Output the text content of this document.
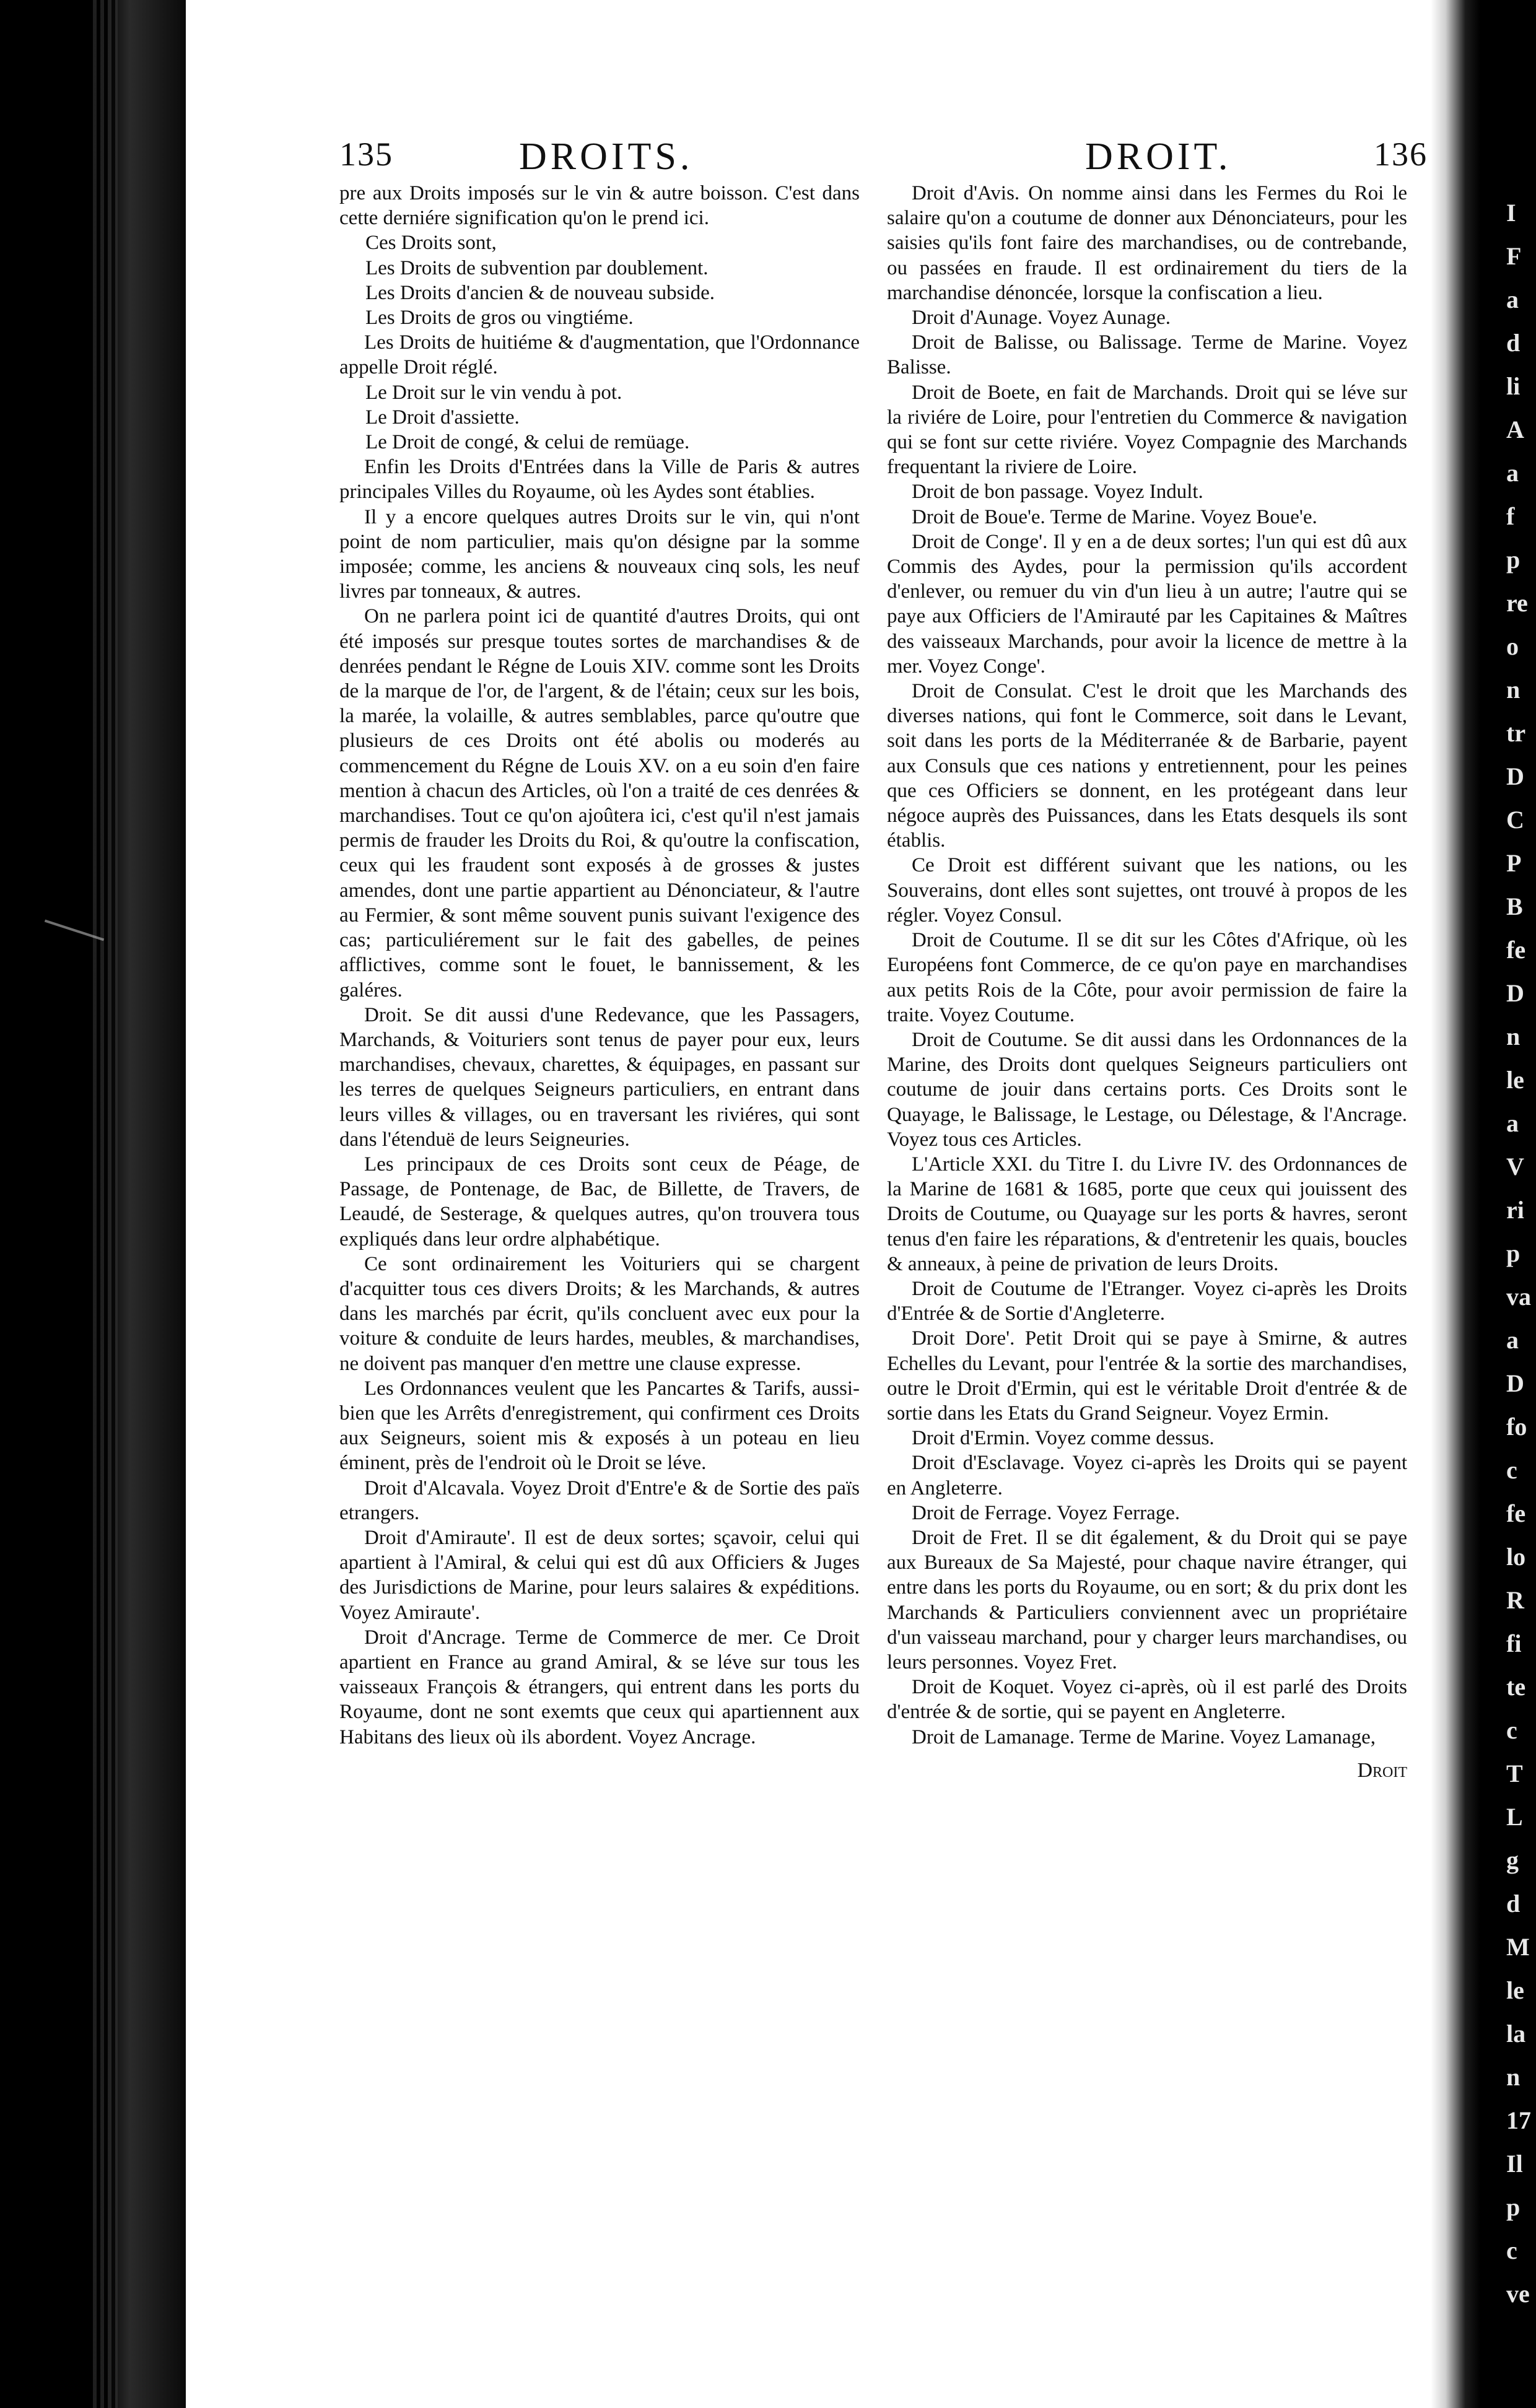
I
F
a
d
li
A
a
f
p
re
o
n
tr
D
C
P
B
fe
D
n
le
a
V
ri
p
va
a
D
fo
c
fe
lo
R
fi
te
c
T
L
g
d
M
le
la
n
17
Il
p
c
ve
135	DROITS.	DROIT.	136

pre aux Droits imposés sur le vin & autre boisson. C'est dans cette derniére signification qu'on le prend ici.

Ces Droits sont,

Les Droits de subvention par doublement.

Les Droits d'ancien & de nouveau subside.

Les Droits de gros ou vingtiéme.

Les Droits de huitiéme & d'augmentation, que l'Ordonnance appelle Droit réglé.

Le Droit sur le vin vendu à pot.

Le Droit d'assiette.

Le Droit de congé, & celui de remüage.

Enfin les Droits d'Entrées dans la Ville de Paris & autres principales Villes du Royaume, où les Aydes sont établies.

Il y a encore quelques autres Droits sur le vin, qui n'ont point de nom particulier, mais qu'on désigne par la somme imposée; comme, les anciens & nouveaux cinq sols, les neuf livres par tonneaux, & autres.

On ne parlera point ici de quantité d'autres Droits, qui ont été imposés sur presque toutes sortes de marchandises & de denrées pendant le Régne de Louis XIV. comme sont les Droits de la marque de l'or, de l'argent, & de l'étain; ceux sur les bois, la marée, la volaille, & autres semblables, parce qu'outre que plusieurs de ces Droits ont été abolis ou moderés au commencement du Régne de Louis XV. on a eu soin d'en faire mention à chacun des Articles, où l'on a traité de ces denrées & marchandises. Tout ce qu'on ajoûtera ici, c'est qu'il n'est jamais permis de frauder les Droits du Roi, & qu'outre la confiscation, ceux qui les fraudent sont exposés à de grosses & justes amendes, dont une partie appartient au Dénonciateur, & l'autre au Fermier, & sont même souvent punis suivant l'exigence des cas; particuliérement sur le fait des gabelles, de peines afflictives, comme sont le fouet, le bannissement, & les galéres.

Droit. Se dit aussi d'une Redevance, que les Passagers, Marchands, & Voituriers sont tenus de payer pour eux, leurs marchandises, chevaux, charettes, & équipages, en passant sur les terres de quelques Seigneurs particuliers, en entrant dans leurs villes & villages, ou en traversant les riviéres, qui sont dans l'étenduë de leurs Seigneuries.

Les principaux de ces Droits sont ceux de Péage, de Passage, de Pontenage, de Bac, de Billette, de Travers, de Leaudé, de Sesterage, & quelques autres, qu'on trouvera tous expliqués dans leur ordre alphabétique.

Ce sont ordinairement les Voituriers qui se chargent d'acquitter tous ces divers Droits; & les Marchands, & autres dans les marchés par écrit, qu'ils concluent avec eux pour la voiture & conduite de leurs hardes, meubles, & marchandises, ne doivent pas manquer d'en mettre une clause expresse.

Les Ordonnances veulent que les Pancartes & Tarifs, aussi-bien que les Arrêts d'enregistrement, qui confirment ces Droits aux Seigneurs, soient mis & exposés à un poteau en lieu éminent, près de l'endroit où le Droit se léve.

Droit d'Alcavala. Voyez Droit d'Entre'e & de Sortie des païs etrangers.

Droit d'Amiraute'. Il est de deux sortes; sçavoir, celui qui apartient à l'Amiral, & celui qui est dû aux Officiers & Juges des Jurisdictions de Marine, pour leurs salaires & expéditions. Voyez Amiraute'.

Droit d'Ancrage. Terme de Commerce de mer. Ce Droit apartient en France au grand Amiral, & se léve sur tous les vaisseaux François & étrangers, qui entrent dans les ports du Royaume, dont ne sont exemts que ceux qui apartiennent aux Habitans des lieux où ils abordent. Voyez Ancrage.

Droit d'Avis. On nomme ainsi dans les Fermes du Roi le salaire qu'on a coutume de donner aux Dénonciateurs, pour les saisies qu'ils font faire des marchandises, ou de contrebande, ou passées en fraude. Il est ordinairement du tiers de la marchandise dénoncée, lorsque la confiscation a lieu.

Droit d'Aunage. Voyez Aunage.

Droit de Balisse, ou Balissage. Terme de Marine. Voyez Balisse.

Droit de Boete, en fait de Marchands. Droit qui se léve sur la riviére de Loire, pour l'entretien du Commerce & navigation qui se font sur cette riviére. Voyez Compagnie des Marchands frequentant la riviere de Loire.

Droit de bon passage. Voyez Indult.

Droit de Boue'e. Terme de Marine. Voyez Boue'e.

Droit de Conge'. Il y en a de deux sortes; l'un qui est dû aux Commis des Aydes, pour la permission qu'ils accordent d'enlever, ou remuer du vin d'un lieu à un autre; l'autre qui se paye aux Officiers de l'Amirauté par les Capitaines & Maîtres des vaisseaux Marchands, pour avoir la licence de mettre à la mer. Voyez Conge'.

Droit de Consulat. C'est le droit que les Marchands des diverses nations, qui font le Commerce, soit dans le Levant, soit dans les ports de la Méditerranée & de Barbarie, payent aux Consuls que ces nations y entretiennent, pour les peines que ces Officiers se donnent, en les protégeant dans leur négoce auprès des Puissances, dans les Etats desquels ils sont établis.

Ce Droit est différent suivant que les nations, ou les Souverains, dont elles sont sujettes, ont trouvé à propos de les régler. Voyez Consul.

Droit de Coutume. Il se dit sur les Côtes d'Afrique, où les Européens font Commerce, de ce qu'on paye en marchandises aux petits Rois de la Côte, pour avoir permission de faire la traite. Voyez Coutume.

Droit de Coutume. Se dit aussi dans les Ordonnances de la Marine, des Droits dont quelques Seigneurs particuliers ont coutume de jouir dans certains ports. Ces Droits sont le Quayage, le Balissage, le Lestage, ou Délestage, & l'Ancrage. Voyez tous ces Articles.

L'Article XXI. du Titre I. du Livre IV. des Ordonnances de la Marine de 1681 & 1685, porte que ceux qui jouissent des Droits de Coutume, ou Quayage sur les ports & havres, seront tenus d'en faire les réparations, & d'entretenir les quais, boucles & anneaux, à peine de privation de leurs Droits.

Droit de Coutume de l'Etranger. Voyez ci-après les Droits d'Entrée & de Sortie d'Angleterre.

Droit Dore'. Petit Droit qui se paye à Smirne, & autres Echelles du Levant, pour l'entrée & la sortie des marchandises, outre le Droit d'Ermin, qui est le véritable Droit d'entrée & de sortie dans les Etats du Grand Seigneur. Voyez Ermin.

Droit d'Ermin. Voyez comme dessus.

Droit d'Esclavage. Voyez ci-après les Droits qui se payent en Angleterre.

Droit de Ferrage. Voyez Ferrage.

Droit de Fret. Il se dit également, & du Droit qui se paye aux Bureaux de Sa Majesté, pour chaque navire étranger, qui entre dans les ports du Royaume, ou en sort; & du prix dont les Marchands & Particuliers conviennent avec un propriétaire d'un vaisseau marchand, pour y charger leurs marchandises, ou leurs personnes. Voyez Fret.

Droit de Koquet. Voyez ci-après, où il est parlé des Droits d'entrée & de sortie, qui se payent en Angleterre.

Droit de Lamanage. Terme de Marine. Voyez Lamanage,

Droit
